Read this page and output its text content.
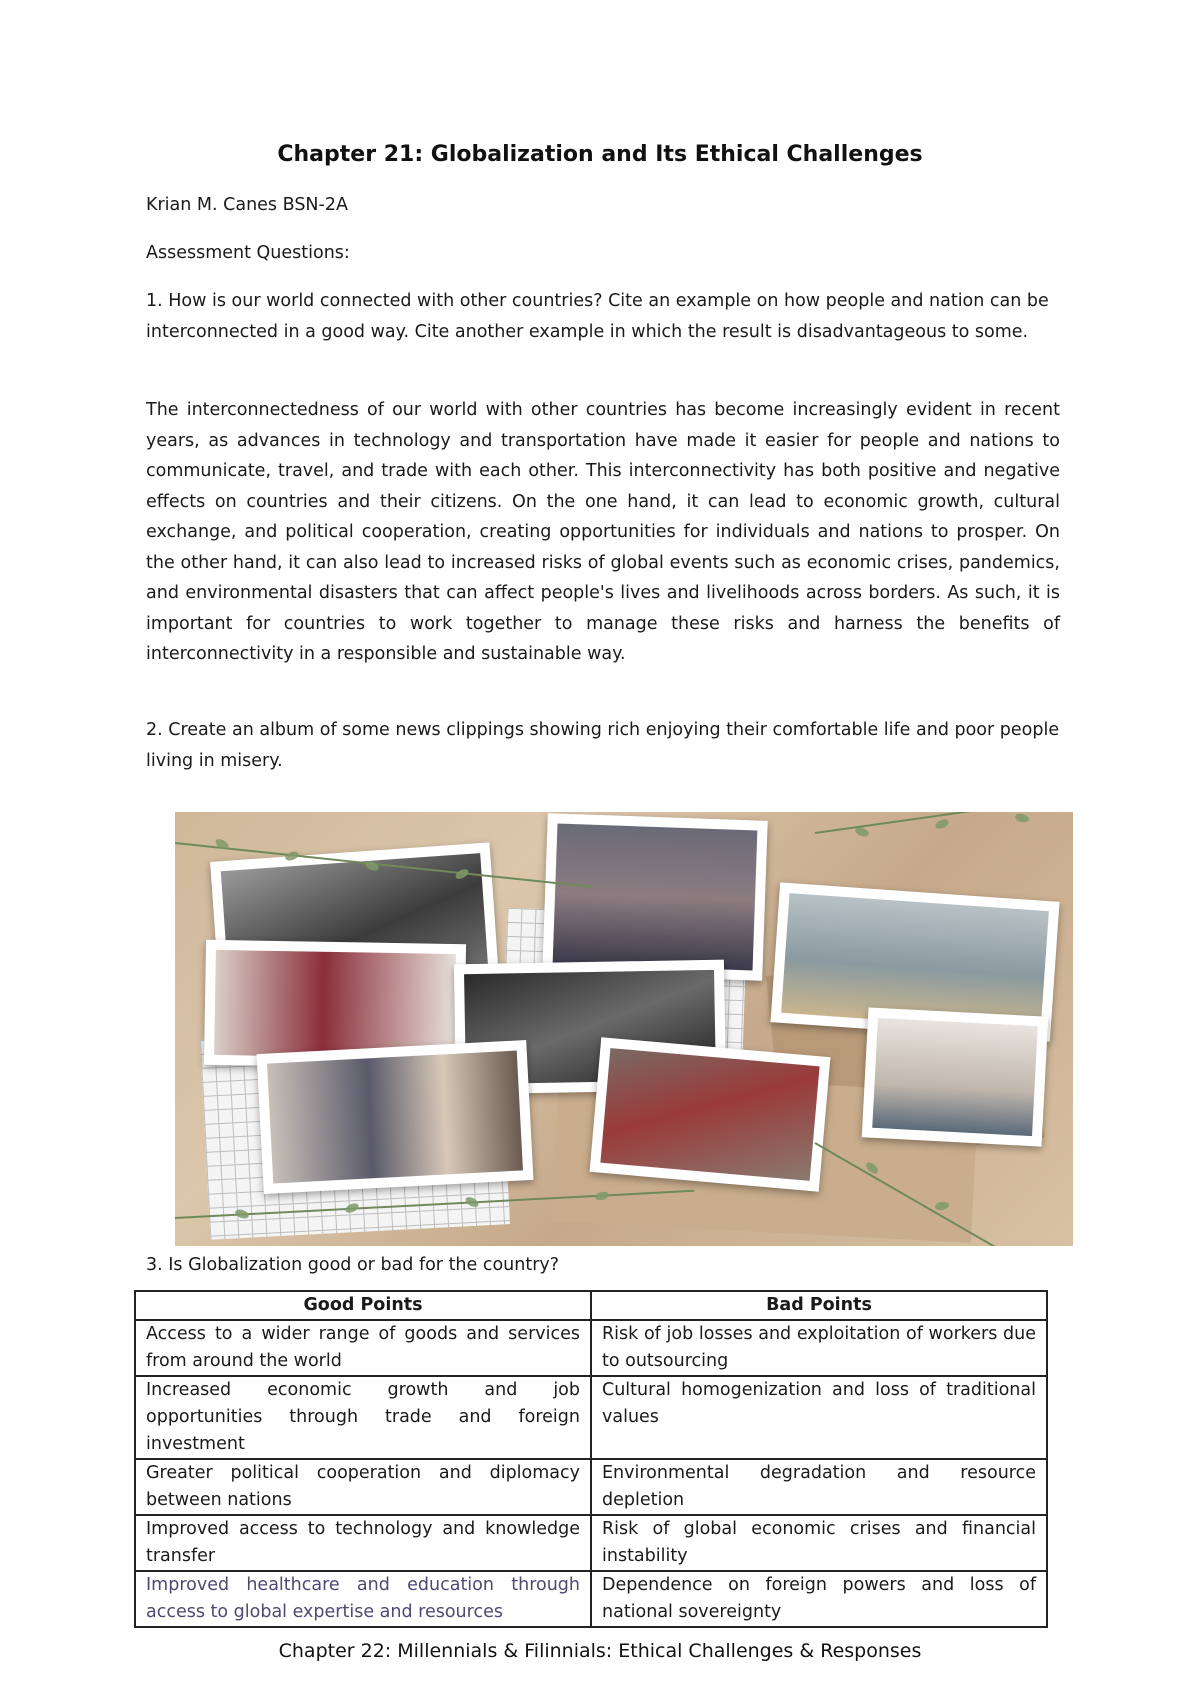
Chapter 21: Globalization and Its Ethical Challenges

Krian M. Canes BSN-2A

Assessment Questions:

1. How is our world connected with other countries? Cite an example on how people and nation can be interconnected in a good way. Cite another example in which the result is disadvantageous to some.

The interconnectedness of our world with other countries has become increasingly evident in recent years, as advances in technology and transportation have made it easier for people and nations to communicate, travel, and trade with each other. This interconnectivity has both positive and negative effects on countries and their citizens. On the one hand, it can lead to economic growth, cultural exchange, and political cooperation, creating opportunities for individuals and nations to prosper. On the other hand, it can also lead to increased risks of global events such as economic crises, pandemics, and environmental disasters that can affect people's lives and livelihoods across borders. As such, it is important for countries to work together to manage these risks and harness the benefits of interconnectivity in a responsible and sustainable way.

2. Create an album of some news clippings showing rich enjoying their comfortable life and poor people living in misery.

3. Is Globalization good or bad for the country?

Good Points	Bad Points
Access to a wider range of goods and services from around the world	Risk of job losses and exploitation of workers due to outsourcing
Increased economic growth and job opportunities through trade and foreign investment	Cultural homogenization and loss of traditional values
Greater political cooperation and diplomacy between nations	Environmental degradation and resource depletion
Improved access to technology and knowledge transfer	Risk of global economic crises and financial instability
Improved healthcare and education through access to global expertise and resources	Dependence on foreign powers and loss of national sovereignty
Chapter 22: Millennials & Filinnials: Ethical Challenges & Responses
